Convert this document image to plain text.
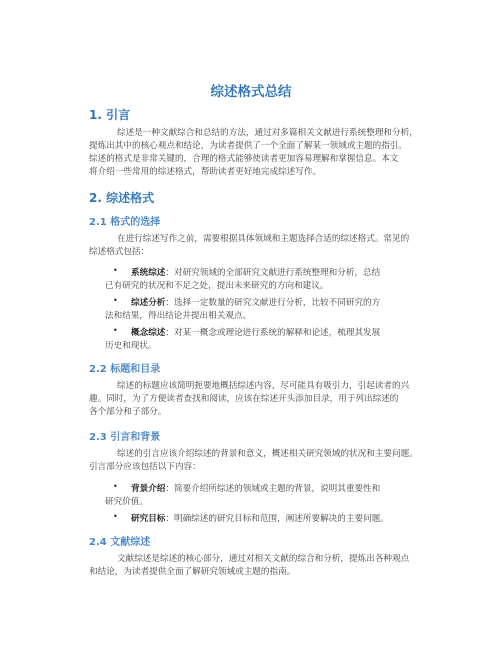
综述格式总结
1. 引言
综述是一种文献综合和总结的方法，通过对多篇相关文献进行系统整理和分析，
提炼出其中的核心观点和结论，为读者提供了一个全面了解某一领域或主题的指引。
综述的格式是非常关键的，合理的格式能够使读者更加容易理解和掌握信息。本文
将介绍一些常用的综述格式，帮助读者更好地完成综述写作。
2. 综述格式
2.1 格式的选择
在进行综述写作之前，需要根据具体领域和主题选择合适的综述格式。常见的
综述格式包括：
• 系统综述：对研究领域的全部研究文献进行系统整理和分析，总结
已有研究的状况和不足之处，提出未来研究的方向和建议。
• 综述分析：选择一定数量的研究文献进行分析，比较不同研究的方
法和结果，得出结论并提出相关观点。
• 概念综述：对某一概念或理论进行系统的解释和论述，梳理其发展
历史和现状。
2.2 标题和目录
综述的标题应该简明扼要地概括综述内容，尽可能具有吸引力，引起读者的兴
趣。同时，为了方便读者查找和阅读，应该在综述开头添加目录，用于列出综述的
各个部分和子部分。
2.3 引言和背景
综述的引言应该介绍综述的背景和意义，概述相关研究领域的状况和主要问题。
引言部分应该包括以下内容：
• 背景介绍：简要介绍所综述的领域或主题的背景，说明其重要性和
研究价值。
• 研究目标：明确综述的研究目标和范围，阐述所要解决的主要问题。
2.4 文献综述
文献综述是综述的核心部分，通过对相关文献的综合和分析，提炼出各种观点
和结论，为读者提供全面了解研究领域或主题的指南。
